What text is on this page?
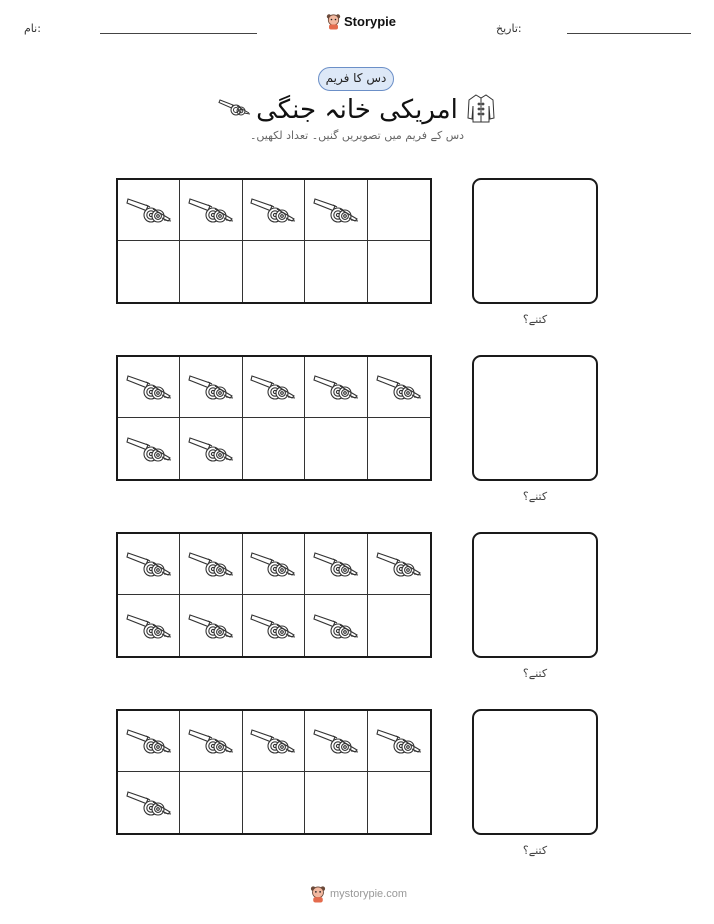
نام:	Storypie	تاریخ:
دس کا فریم
امریکی خانہ جنگی
دس کے فریم میں تصویریں گنیں۔ تعداد لکھیں۔
کتنے؟
کتنے؟
کتنے؟
کتنے؟
mystorypie.com
